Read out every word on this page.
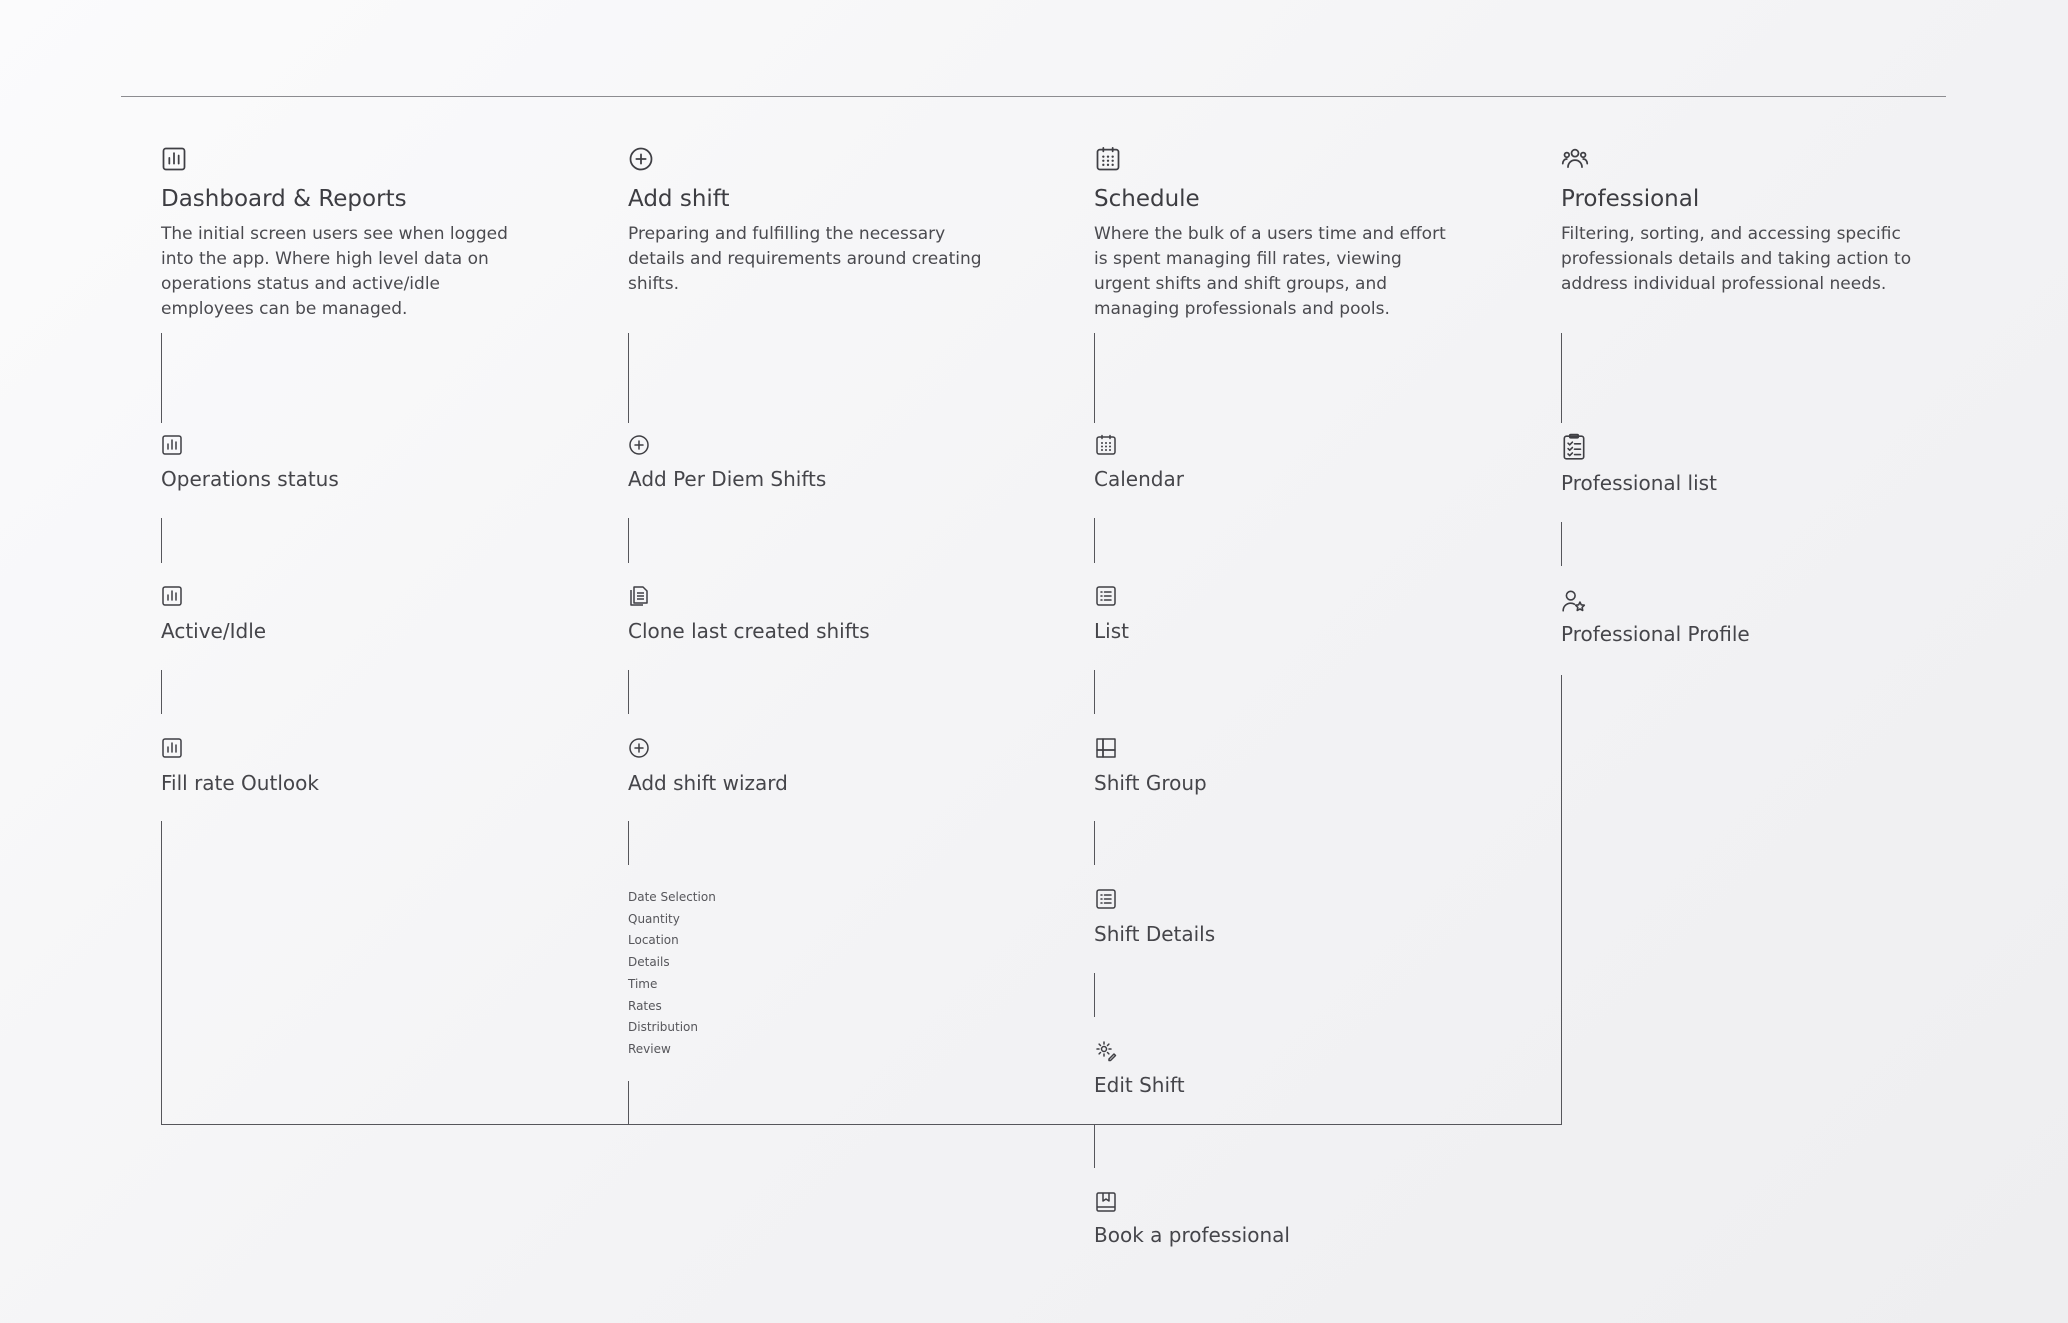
Dashboard & Reports
The initial screen users see when logged into the app. Where high level data on operations status and active/idle employees can be managed.
Operations status
Active/Idle
Fill rate Outlook
Add shift
Preparing and fulfilling the necessary details and requirements around creating shifts.
Add Per Diem Shifts
Clone last created shifts
Add shift wizard
Date Selection
Quantity
Location
Details
Time
Rates
Distribution
Review
Schedule
Where the bulk of a users time and effort is spent managing fill rates, viewing urgent shifts and shift groups, and managing professionals and pools.
Calendar
List
Shift Group
Shift Details
Edit Shift
Professional
Filtering, sorting, and accessing specific professionals details and taking action to address individual professional needs.
Professional list
Professional Profile
Book a professional
